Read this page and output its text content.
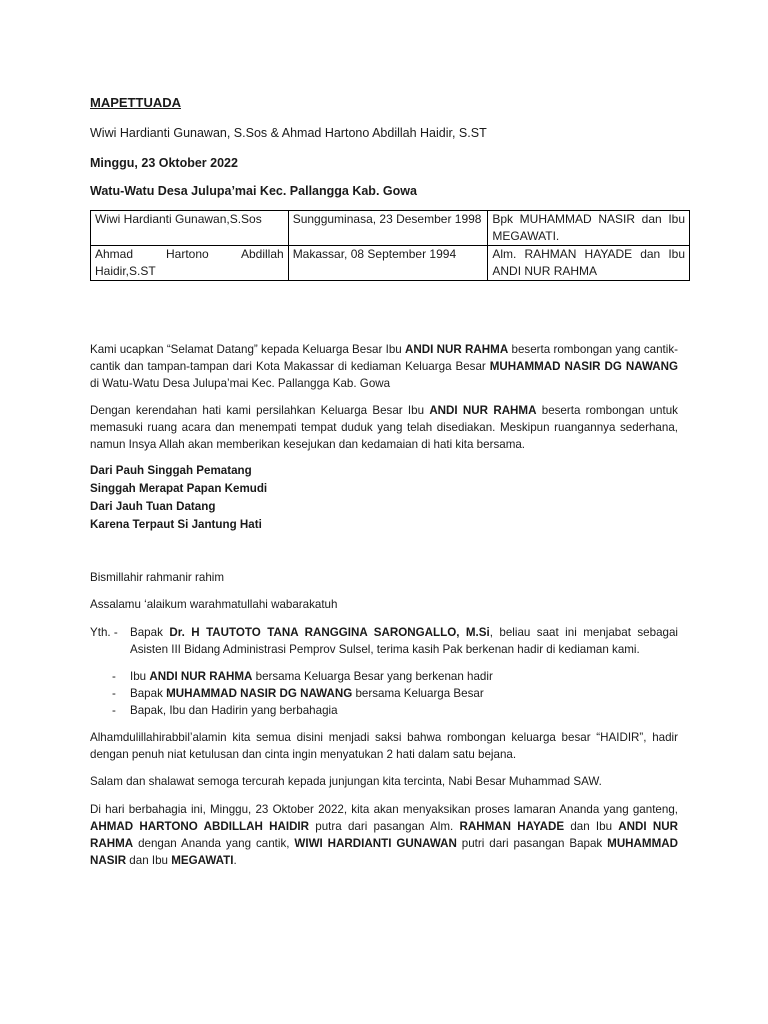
MAPETTUADA

Wiwi Hardianti Gunawan, S.Sos & Ahmad Hartono Abdillah Haidir, S.ST

Minggu, 23 Oktober 2022

Watu-Watu Desa Julupa’mai Kec. Pallangga Kab. Gowa

Wiwi Hardianti Gunawan,S.Sos	Sungguminasa, 23 Desember 1998	Bpk MUHAMMAD NASIR dan Ibu MEGAWATI.
Ahmad Hartono Abdillah Haidir,S.ST	Makassar, 08 September 1994	Alm. RAHMAN HAYADE dan Ibu ANDI NUR RAHMA

Kami ucapkan “Selamat Datang” kepada Keluarga Besar Ibu ANDI NUR RAHMA beserta rombongan yang cantik-cantik dan tampan-tampan dari Kota Makassar di kediaman Keluarga Besar MUHAMMAD NASIR DG NAWANG di Watu-Watu Desa Julupa’mai Kec. Pallangga Kab. Gowa

Dengan kerendahan hati kami persilahkan Keluarga Besar Ibu ANDI NUR RAHMA beserta rombongan untuk memasuki ruang acara dan menempati tempat duduk yang telah disediakan. Meskipun ruangannya sederhana, namun Insya Allah akan memberikan kesejukan dan kedamaian di hati kita bersama.

Dari Pauh Singgah Pematang
Singgah Merapat Papan Kemudi
Dari Jauh Tuan Datang
Karena Terpaut Si Jantung Hati

Bismillahir rahmanir rahim

Assalamu ‘alaikum warahmatullahi wabarakatuh

Yth. - Bapak Dr. H TAUTOTO TANA RANGGINA SARONGALLO, M.Si, beliau saat ini menjabat sebagai Asisten III Bidang Administrasi Pemprov Sulsel, terima kasih Pak berkenan hadir di kediaman kami.
- Ibu ANDI NUR RAHMA bersama Keluarga Besar yang berkenan hadir
- Bapak MUHAMMAD NASIR DG NAWANG bersama Keluarga Besar
- Bapak, Ibu dan Hadirin yang berbahagia

Alhamdulillahirabbil’alamin kita semua disini menjadi saksi bahwa rombongan keluarga besar “HAIDIR”, hadir dengan penuh niat ketulusan dan cinta ingin menyatukan 2 hati dalam satu bejana.

Salam dan shalawat semoga tercurah kepada junjungan kita tercinta, Nabi Besar Muhammad SAW.

Di hari berbahagia ini, Minggu, 23 Oktober 2022, kita akan menyaksikan proses lamaran Ananda yang ganteng, AHMAD HARTONO ABDILLAH HAIDIR putra dari pasangan Alm. RAHMAN HAYADE dan Ibu ANDI NUR RAHMA dengan Ananda yang cantik, WIWI HARDIANTI GUNAWAN putri dari pasangan Bapak MUHAMMAD NASIR dan Ibu MEGAWATI.
